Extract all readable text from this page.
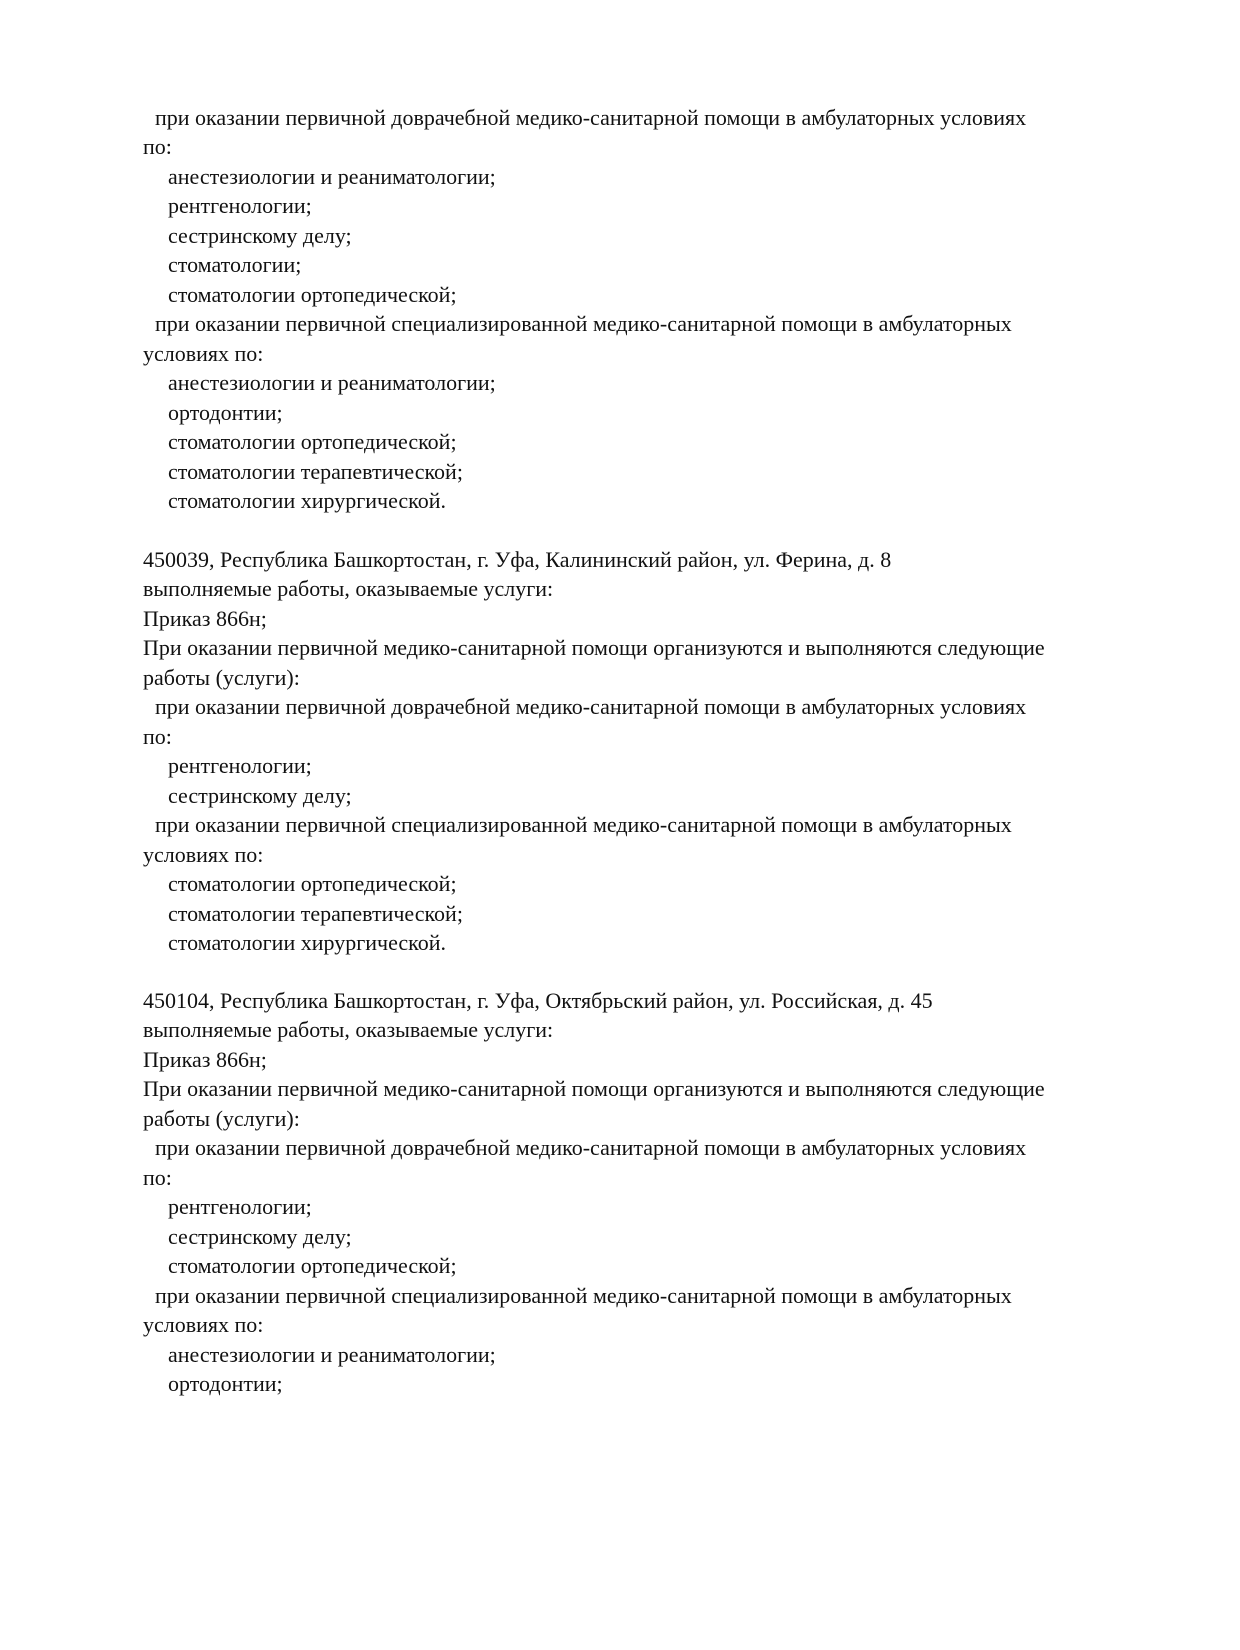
при оказании первичной доврачебной медико-санитарной помощи в амбулаторных условиях
по:
анестезиологии и реаниматологии;
рентгенологии;
сестринскому делу;
стоматологии;
стоматологии ортопедической;
при оказании первичной специализированной медико-санитарной помощи в амбулаторных
условиях по:
анестезиологии и реаниматологии;
ортодонтии;
стоматологии ортопедической;
стоматологии терапевтической;
стоматологии хирургической.
450039, Республика Башкортостан, г. Уфа, Калининский район, ул. Ферина, д. 8
выполняемые работы, оказываемые услуги:
Приказ 866н;
При оказании первичной медико-санитарной помощи организуются и выполняются следующие
работы (услуги):
при оказании первичной доврачебной медико-санитарной помощи в амбулаторных условиях
по:
рентгенологии;
сестринскому делу;
при оказании первичной специализированной медико-санитарной помощи в амбулаторных
условиях по:
стоматологии ортопедической;
стоматологии терапевтической;
стоматологии хирургической.
450104, Республика Башкортостан, г. Уфа, Октябрьский район, ул. Российская, д. 45
выполняемые работы, оказываемые услуги:
Приказ 866н;
При оказании первичной медико-санитарной помощи организуются и выполняются следующие
работы (услуги):
при оказании первичной доврачебной медико-санитарной помощи в амбулаторных условиях
по:
рентгенологии;
сестринскому делу;
стоматологии ортопедической;
при оказании первичной специализированной медико-санитарной помощи в амбулаторных
условиях по:
анестезиологии и реаниматологии;
ортодонтии;
